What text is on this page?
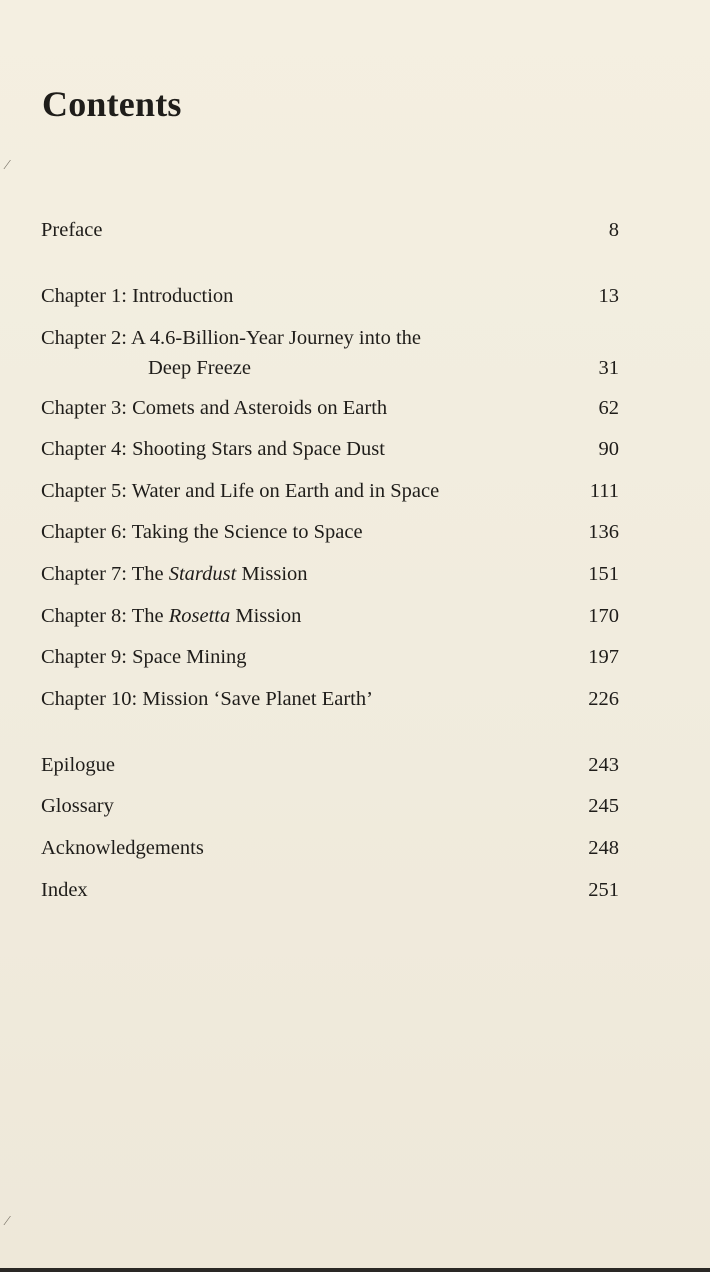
Contents
Preface	8
Chapter 1: Introduction	13
Chapter 2: A 4.6-Billion-Year Journey into the
Deep Freeze	31
Chapter 3: Comets and Asteroids on Earth	62
Chapter 4: Shooting Stars and Space Dust	90
Chapter 5: Water and Life on Earth and in Space	111
Chapter 6: Taking the Science to Space	136
Chapter 7: The Stardust Mission	151
Chapter 8: The Rosetta Mission	170
Chapter 9: Space Mining	197
Chapter 10: Mission ‘Save Planet Earth’	226
Epilogue	243
Glossary	245
Acknowledgements	248
Index	251
⁄
⁄
